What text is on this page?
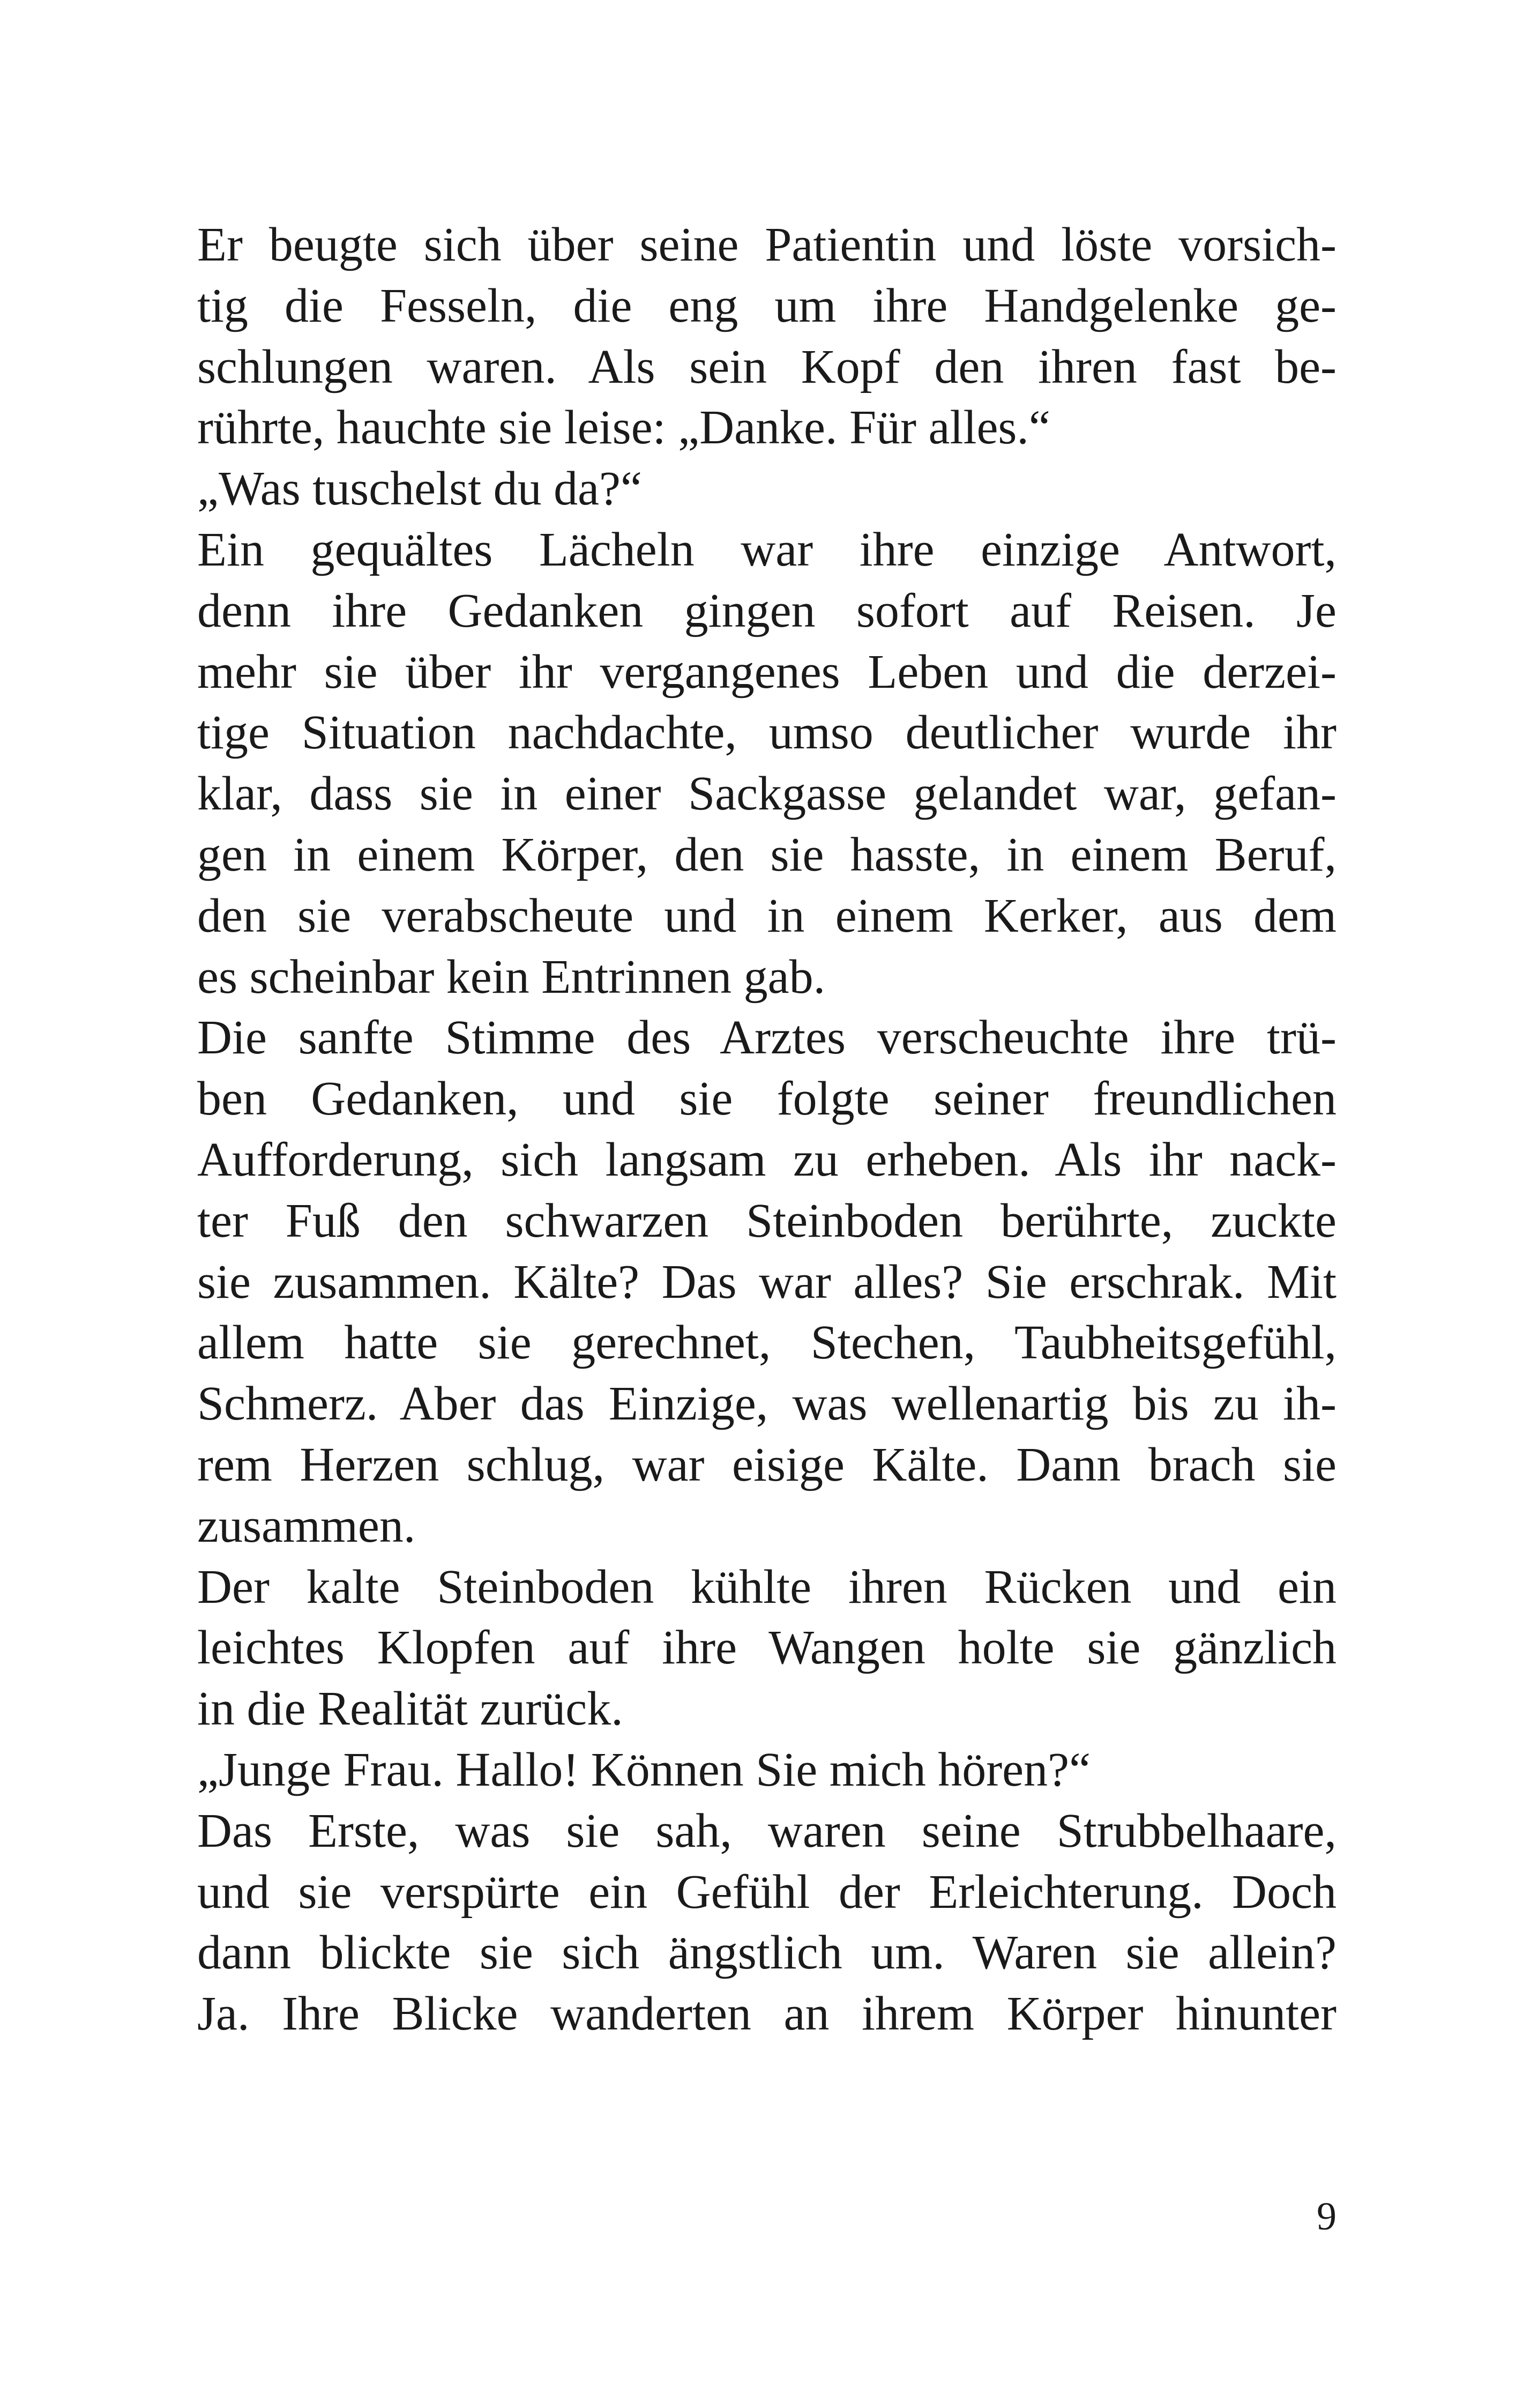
Er beugte sich über seine Patientin und löste vorsich-
tig die Fesseln, die eng um ihre Handgelenke ge-
schlungen waren. Als sein Kopf den ihren fast be-
rührte, hauchte sie leise: „Danke. Für alles.“
„Was tuschelst du da?“
Ein gequältes Lächeln war ihre einzige Antwort,
denn ihre Gedanken gingen sofort auf Reisen. Je
mehr sie über ihr vergangenes Leben und die derzei-
tige Situation nachdachte, umso deutlicher wurde ihr
klar, dass sie in einer Sackgasse gelandet war, gefan-
gen in einem Körper, den sie hasste, in einem Beruf,
den sie verabscheute und in einem Kerker, aus dem
es scheinbar kein Entrinnen gab.
Die sanfte Stimme des Arztes verscheuchte ihre trü-
ben Gedanken, und sie folgte seiner freundlichen
Aufforderung, sich langsam zu erheben. Als ihr nack-
ter Fuß den schwarzen Steinboden berührte, zuckte
sie zusammen. Kälte? Das war alles? Sie erschrak. Mit
allem hatte sie gerechnet, Stechen, Taubheitsgefühl,
Schmerz. Aber das Einzige, was wellenartig bis zu ih-
rem Herzen schlug, war eisige Kälte. Dann brach sie
zusammen.
Der kalte Steinboden kühlte ihren Rücken und ein
leichtes Klopfen auf ihre Wangen holte sie gänzlich
in die Realität zurück.
„Junge Frau. Hallo! Können Sie mich hören?“
Das Erste, was sie sah, waren seine Strubbelhaare,
und sie verspürte ein Gefühl der Erleichterung. Doch
dann blickte sie sich ängstlich um. Waren sie allein?
Ja. Ihre Blicke wanderten an ihrem Körper hinunter
9
